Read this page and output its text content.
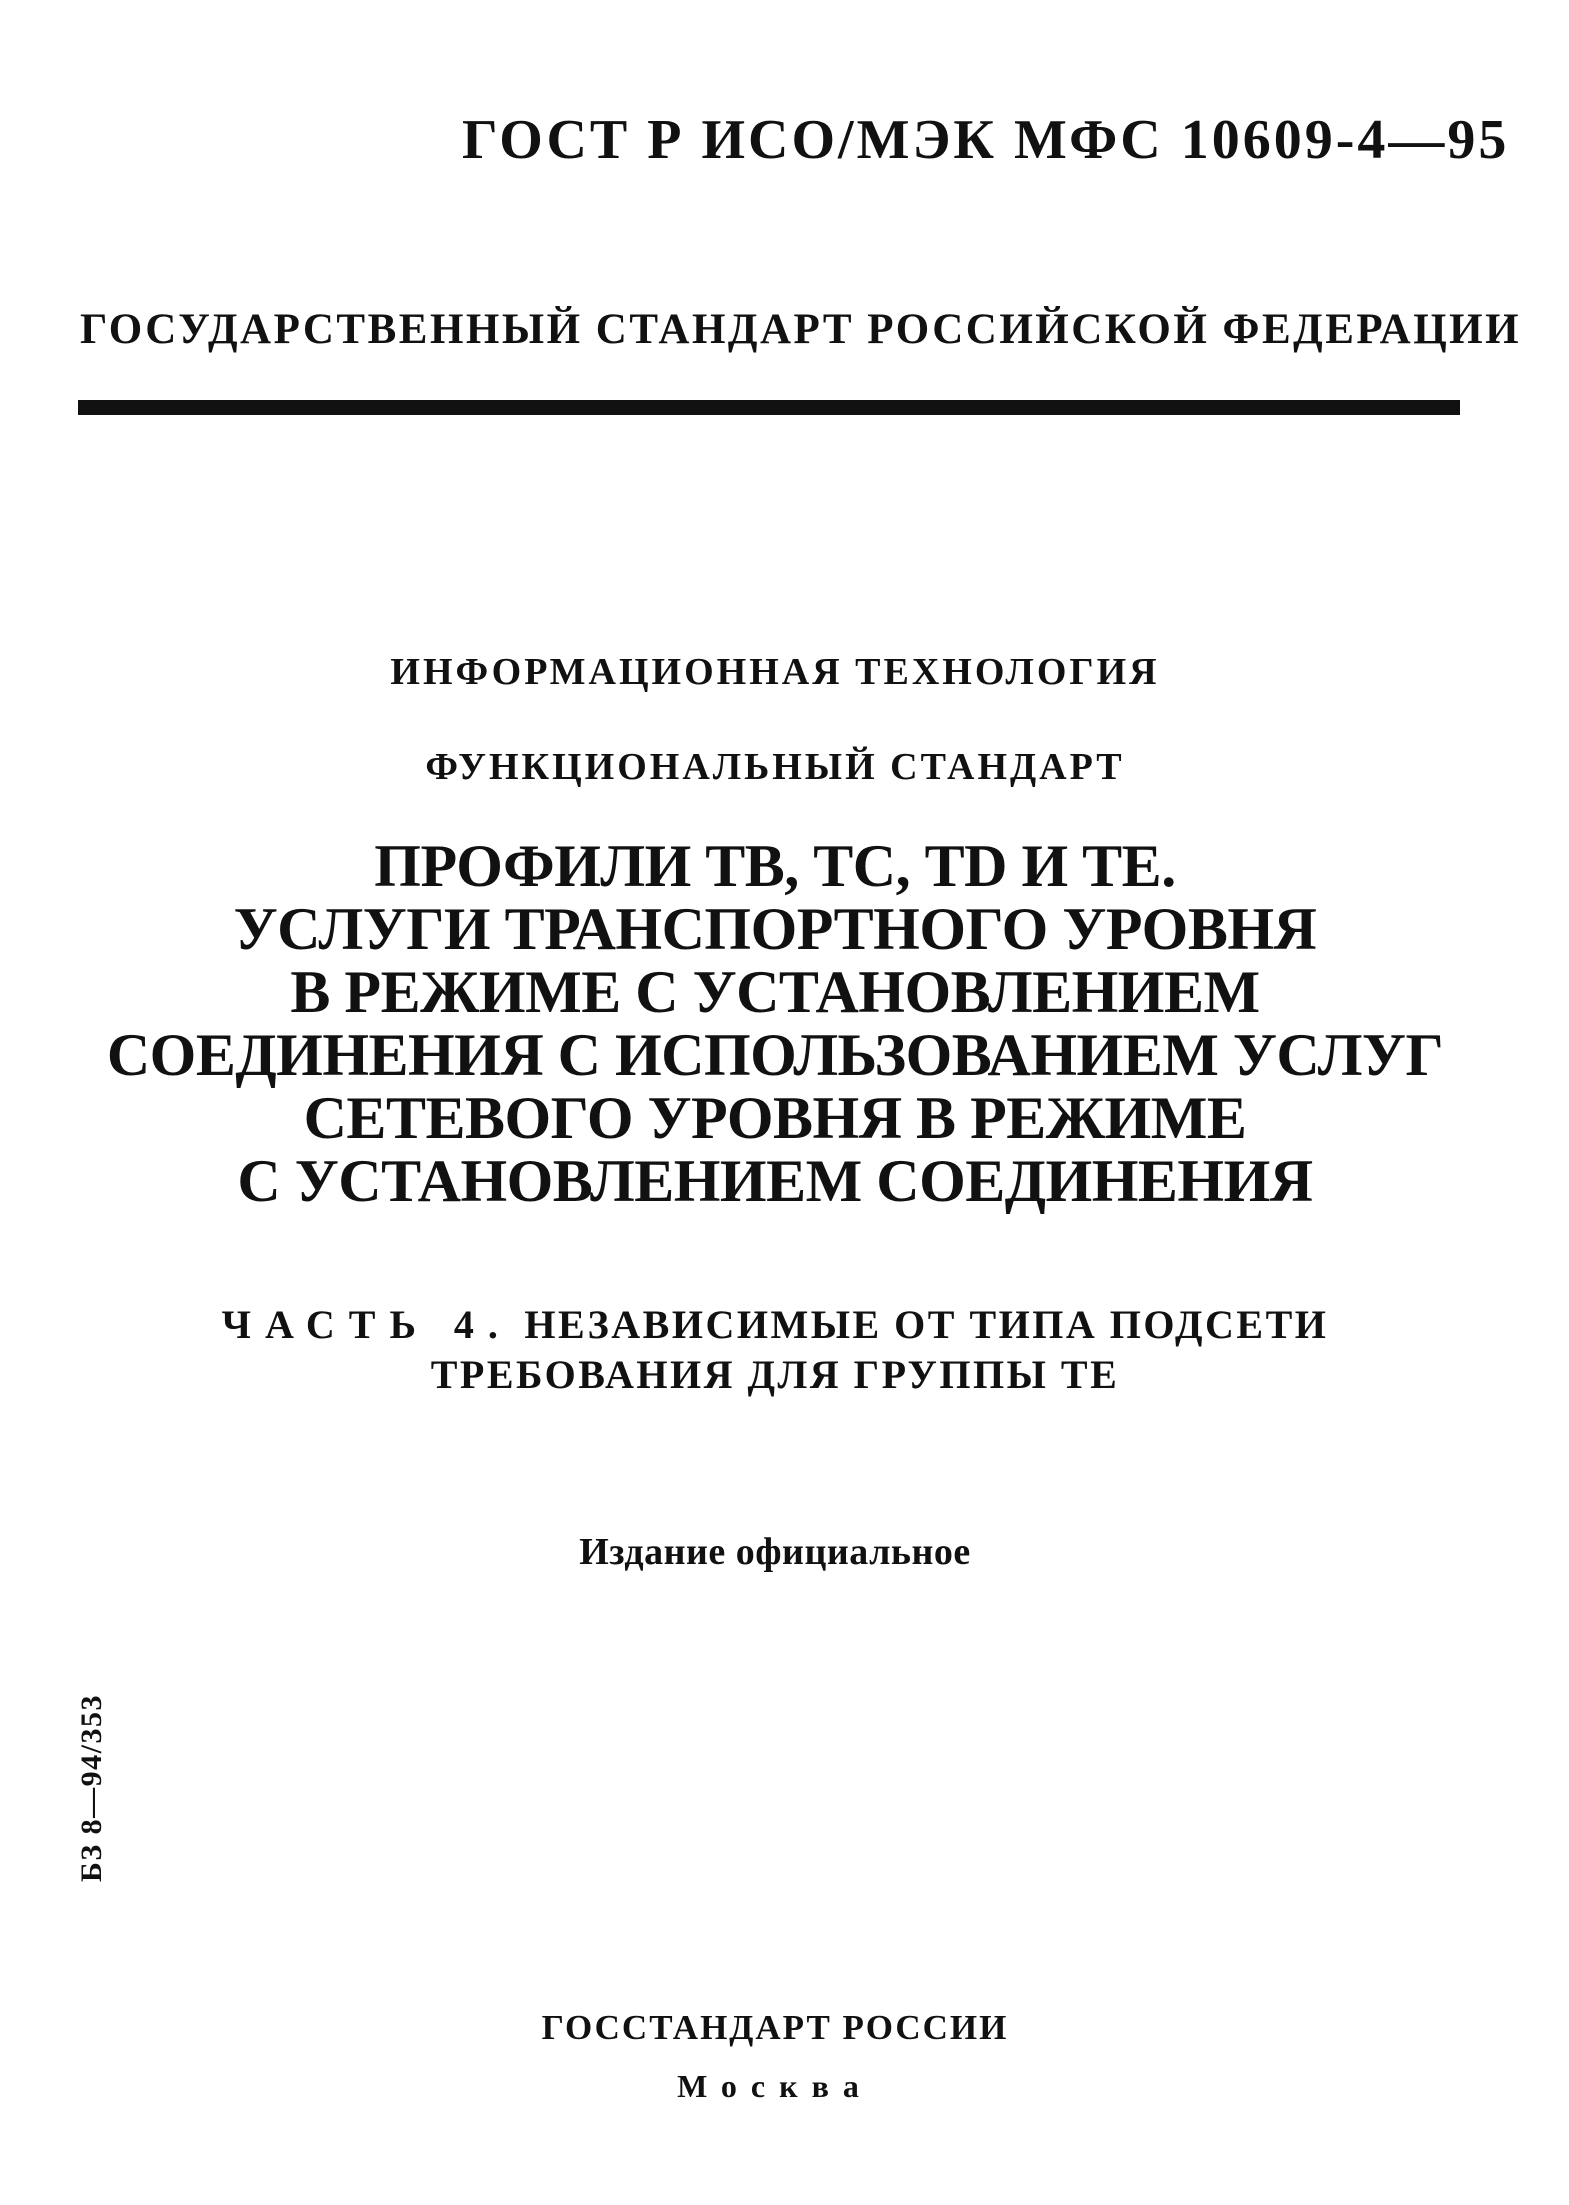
ГОСТ Р ИСО/МЭК МФС 10609-4—95
ГОСУДАРСТВЕННЫЙ СТАНДАРТ РОССИЙСКОЙ ФЕДЕРАЦИИ
ИНФОРМАЦИОННАЯ ТЕХНОЛОГИЯ
ФУНКЦИОНАЛЬНЫЙ СТАНДАРТ
ПРОФИЛИ ТВ, ТС, TD И ТЕ.
УСЛУГИ ТРАНСПОРТНОГО УРОВНЯ
В РЕЖИМЕ С УСТАНОВЛЕНИЕМ
СОЕДИНЕНИЯ С ИСПОЛЬЗОВАНИЕМ УСЛУГ
СЕТЕВОГО УРОВНЯ В РЕЖИМЕ
С УСТАНОВЛЕНИЕМ СОЕДИНЕНИЯ
ЧАСТЬ 4. НЕЗАВИСИМЫЕ ОТ ТИПА ПОДСЕТИ
ТРЕБОВАНИЯ ДЛЯ ГРУППЫ ТЕ
Издание официальное
БЗ 8—94/353
ГОССТАНДАРТ РОССИИ
Москва
